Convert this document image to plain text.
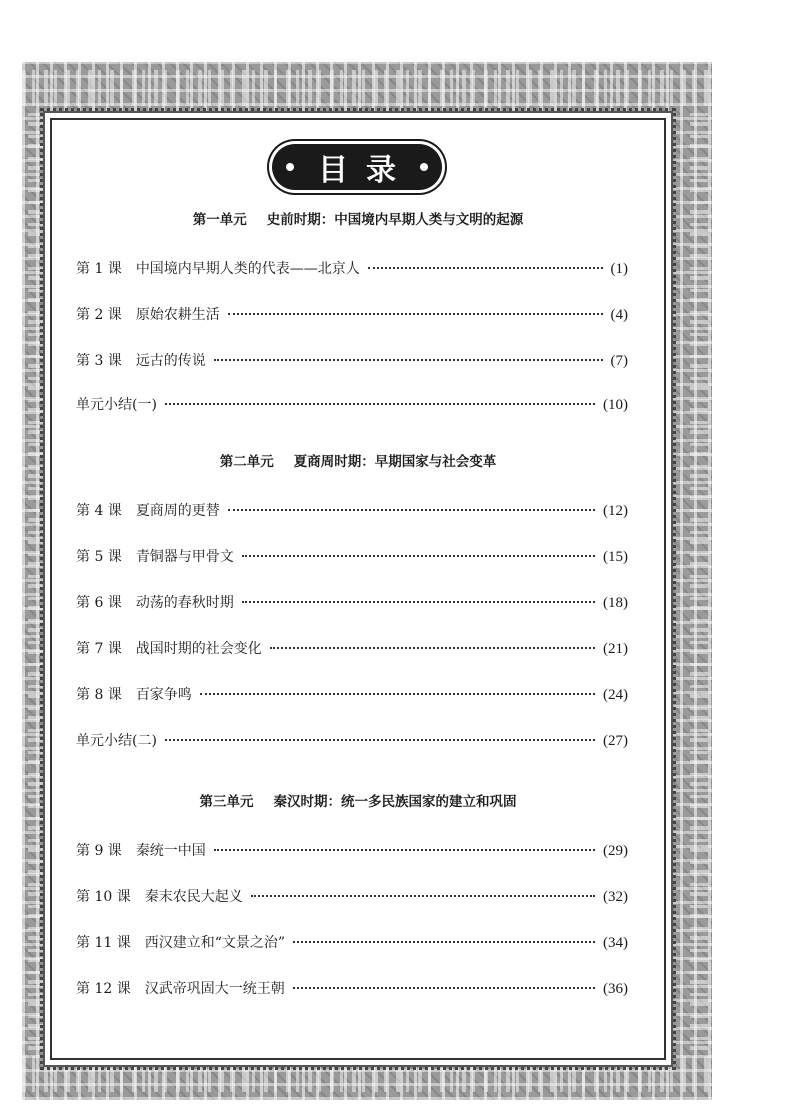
目录
第一单元 史前时期：中国境内早期人类与文明的起源
第 1 课 中国境内早期人类的代表——北京人	(1)
第 2 课 原始农耕生活	(4)
第 3 课 远古的传说	(7)
单元小结(一)	(10)
第二单元 夏商周时期：早期国家与社会变革
第 4 课 夏商周的更替	(12)
第 5 课 青铜器与甲骨文	(15)
第 6 课 动荡的春秋时期	(18)
第 7 课 战国时期的社会变化	(21)
第 8 课 百家争鸣	(24)
单元小结(二)	(27)
第三单元 秦汉时期：统一多民族国家的建立和巩固
第 9 课 秦统一中国	(29)
第 10 课 秦末农民大起义	(32)
第 11 课 西汉建立和“文景之治”	(34)
第 12 课 汉武帝巩固大一统王朝	(36)
